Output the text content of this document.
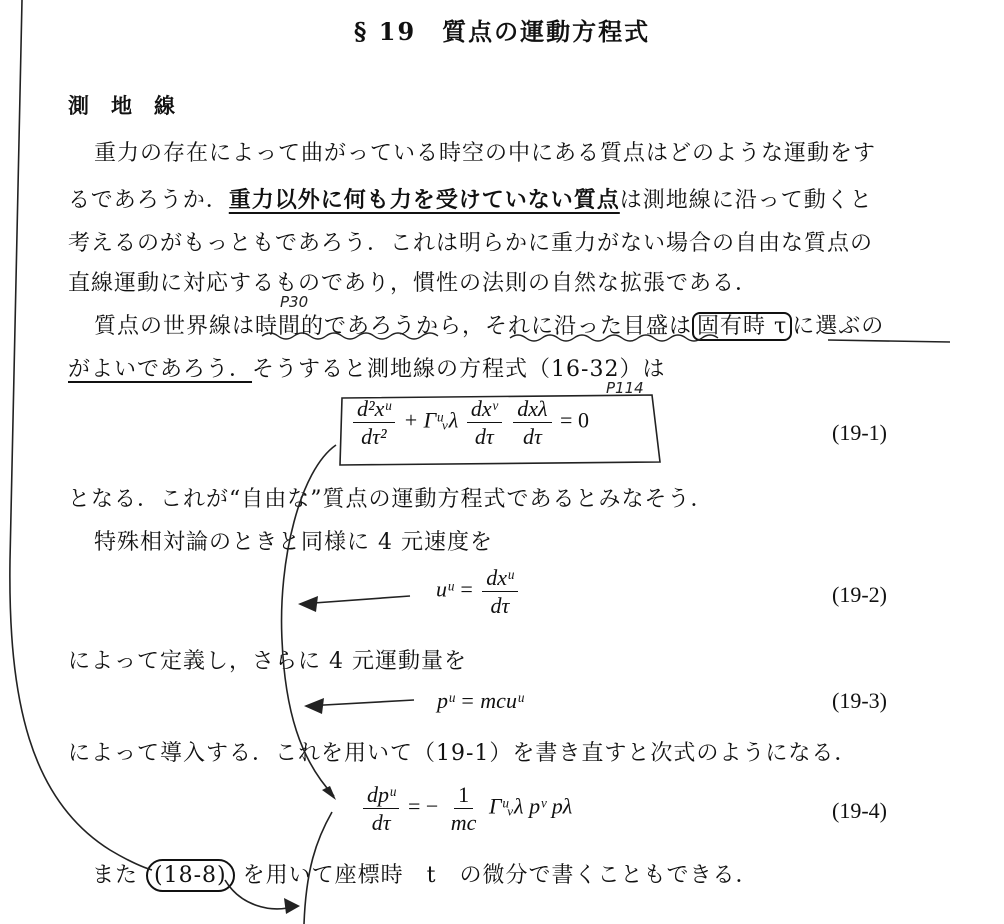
§ 19　質点の運動方程式
測地線
重力の存在によって曲がっている時空の中にある質点はどのような運動をす
るであろうか．重力以外に何も力を受けていない質点は測地線に沿って動くと
考えるのがもっともであろう．これは明らかに重力がない場合の自由な質点の
直線運動に対応するものであり，慣性の法則の自然な拡張である．
質点の世界線は時間的であろうから，それに沿った目盛は 固有時 τ に選ぶの
がよいであろう．そうすると測地線の方程式（16-32）は
$\frac{\text{d²xᵘ}}{\text{dτ²}}$ + Γᵘᵥλ $\frac{\text{dxᵛ}}{d\tau}$
$\frac{\text{dxλ}}{d\tau} = 0$	(19-1)
となる．これが“自由な”質点の運動方程式であるとみなそう．
特殊相対論のときと同様に 4 元速度を
uᵘ = $\frac{\text{dxᵘ}}{d\tau}$	(19-2)
によって定義し，さらに 4 元運動量を
pᵘ = mcuᵘ	(19-3)
によって導入する．これを用いて（19-1）を書き直すと次式のようになる．
$\frac{\text{dpᵘ}}{d\tau}$ = − $\frac{1}{mc}$ Γᵘᵥλ pᵛ pλ	(19-4)
また (18-8) を用いて座標時　t　の微分で書くこともできる．
P30
P114
